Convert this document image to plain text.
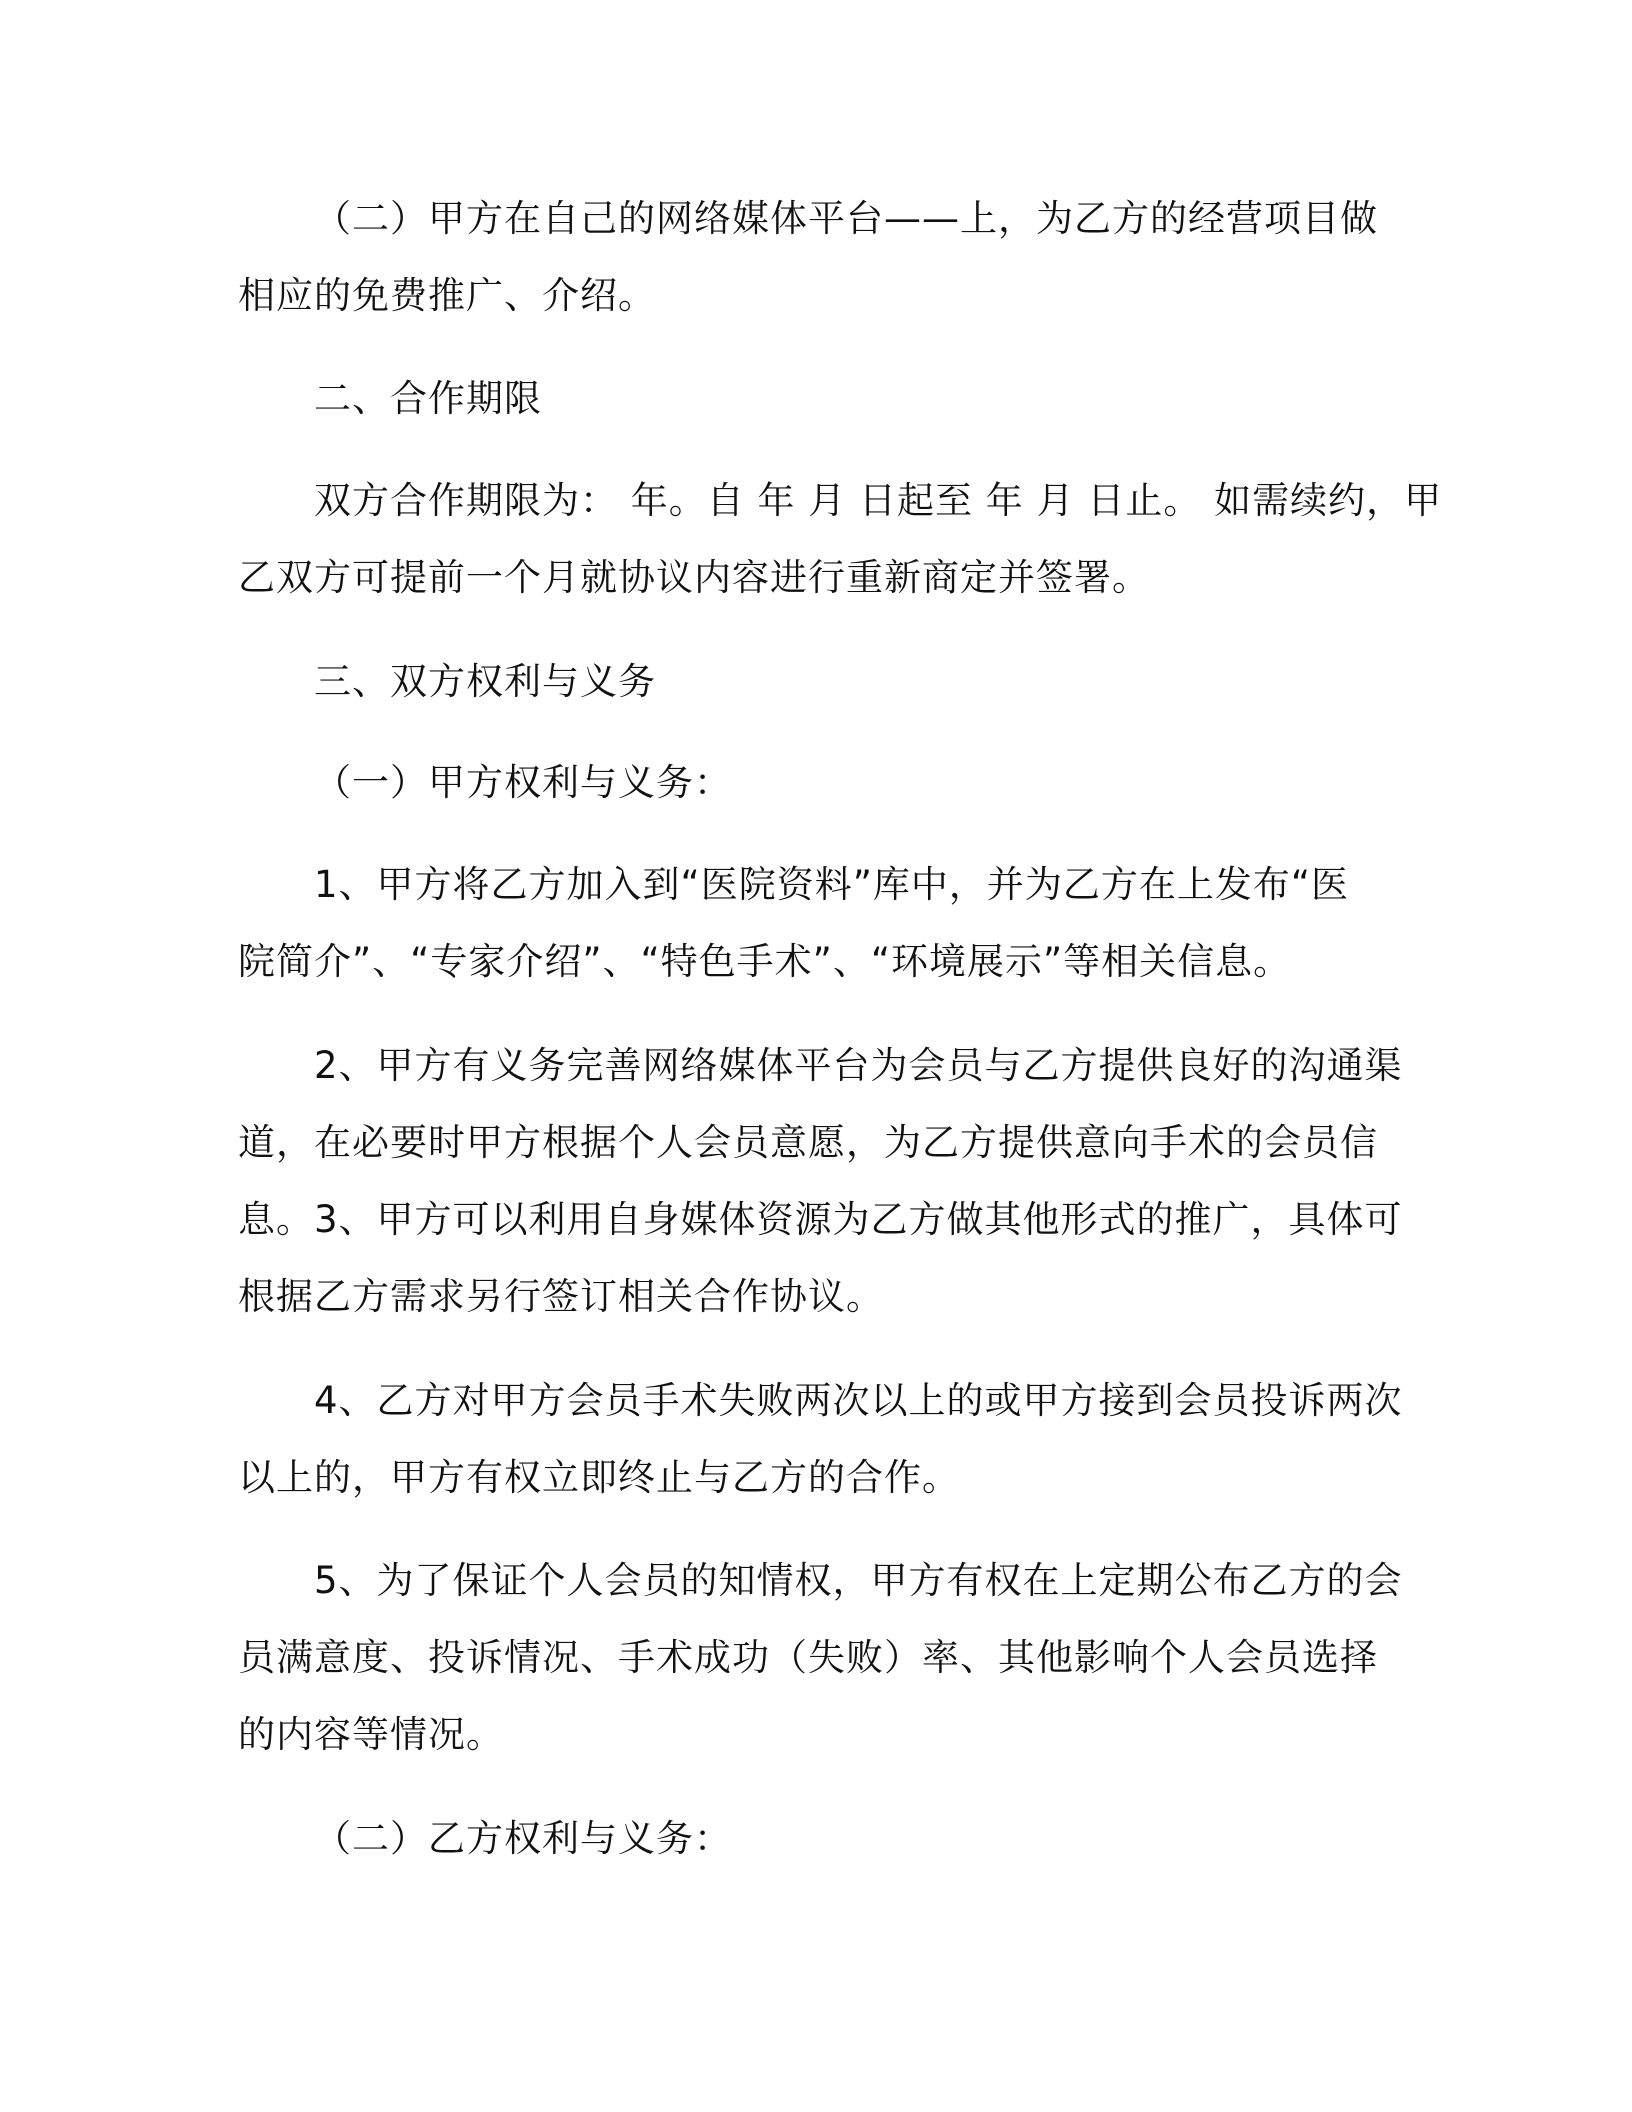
（二）甲方在自己的网络媒体平台——上，为乙方的经营项目做
相应的免费推广、介绍。
二、合作期限
双方合作期限为： 年。自 年 月 日起至 年 月 日止。 如需续约，甲
乙双方可提前一个月就协议内容进行重新商定并签署。
三、双方权利与义务
（一）甲方权利与义务：
1、甲方将乙方加入到“医院资料”库中，并为乙方在上发布“医
院简介”、“专家介绍”、“特色手术”、“环境展示”等相关信息。
2、甲方有义务完善网络媒体平台为会员与乙方提供良好的沟通渠
道，在必要时甲方根据个人会员意愿，为乙方提供意向手术的会员信
息。3、甲方可以利用自身媒体资源为乙方做其他形式的推广，具体可
根据乙方需求另行签订相关合作协议。
4、乙方对甲方会员手术失败两次以上的或甲方接到会员投诉两次
以上的，甲方有权立即终止与乙方的合作。
5、为了保证个人会员的知情权，甲方有权在上定期公布乙方的会
员满意度、投诉情况、手术成功（失败）率、其他影响个人会员选择
的内容等情况。
（二）乙方权利与义务：
